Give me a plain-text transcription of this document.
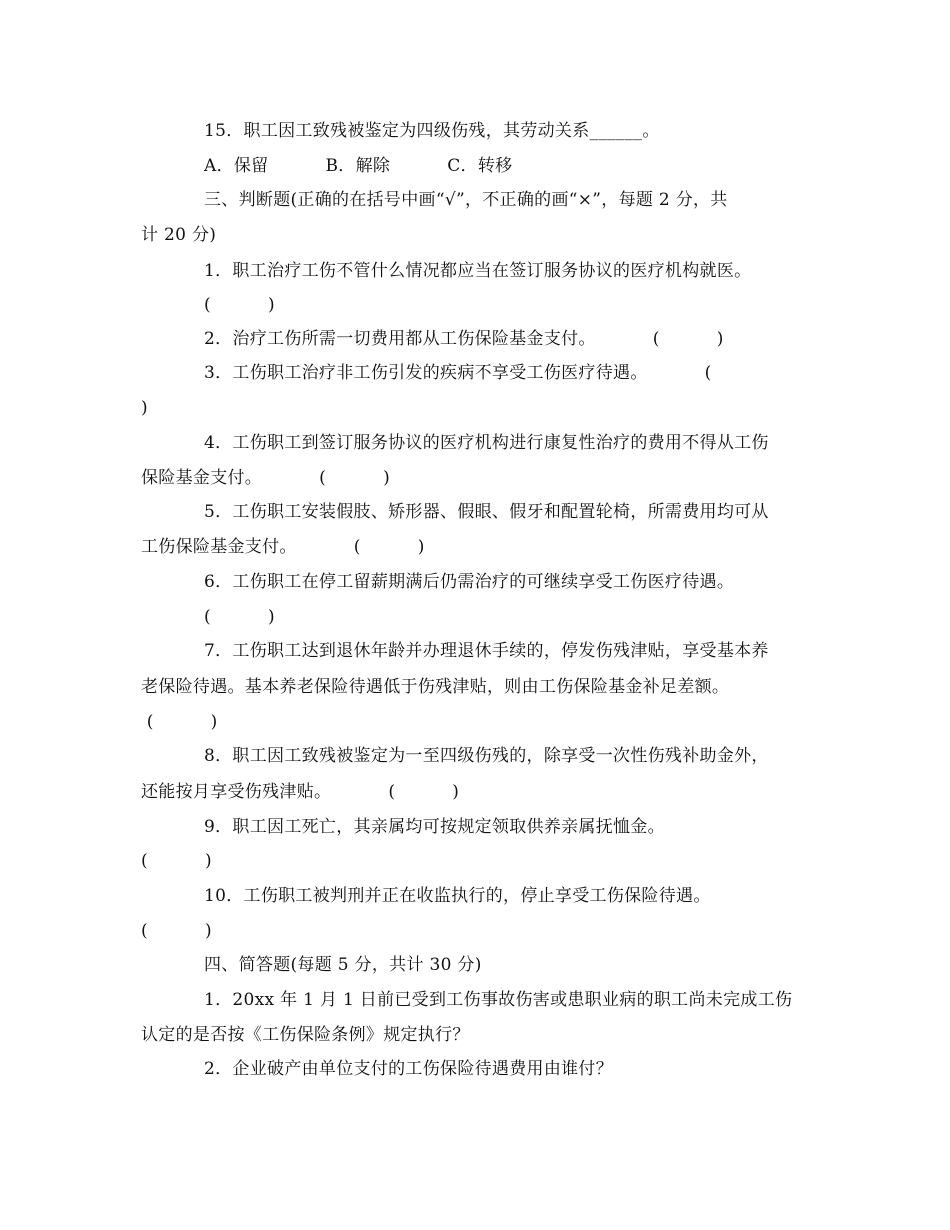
15．职工因工致残被鉴定为四级伤残，其劳动关系______。
A．保留          B．解除          C．转移
三、判断题(正确的在括号中画“√”，不正确的画“×”，每题 2 分，共
计 20 分)
1．职工治疗工伤不管什么情况都应当在签订服务协议的医疗机构就医。
(          )
2．治疗工伤所需一切费用都从工伤保险基金支付。          (          )
3．工伤职工治疗非工伤引发的疾病不享受工伤医疗待遇。          (
)
4．工伤职工到签订服务协议的医疗机构进行康复性治疗的费用不得从工伤
保险基金支付。          (          )
5．工伤职工安装假肢、矫形器、假眼、假牙和配置轮椅，所需费用均可从
工伤保险基金支付。          (          )
6．工伤职工在停工留薪期满后仍需治疗的可继续享受工伤医疗待遇。
(          )
7．工伤职工达到退休年龄并办理退休手续的，停发伤残津贴，享受基本养
老保险待遇。基本养老保险待遇低于伤残津贴，则由工伤保险基金补足差额。
(          )
8．职工因工致残被鉴定为一至四级伤残的，除享受一次性伤残补助金外，
还能按月享受伤残津贴。          (          )
9．职工因工死亡，其亲属均可按规定领取供养亲属抚恤金。
(          )
10．工伤职工被判刑并正在收监执行的，停止享受工伤保险待遇。
(          )
四、简答题(每题 5 分，共计 30 分)
1．20xx 年 1 月 1 日前已受到工伤事故伤害或患职业病的职工尚未完成工伤
认定的是否按《工伤保险条例》规定执行？
2．企业破产由单位支付的工伤保险待遇费用由谁付？
